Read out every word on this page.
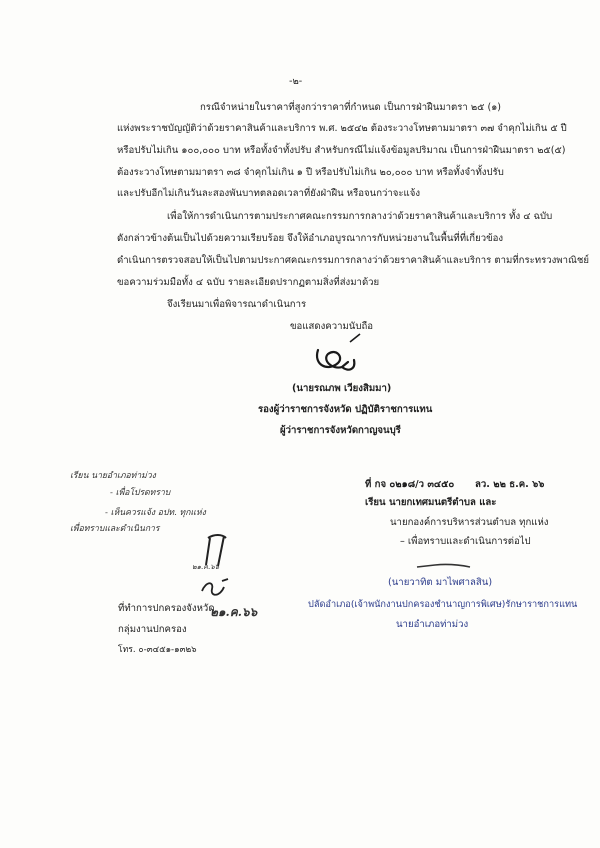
-๒-
กรณีจำหน่ายในราคาที่สูงกว่าราคาที่กำหนด เป็นการฝ่าฝืนมาตรา ๒๕ (๑)
แห่งพระราชบัญญัติว่าด้วยราคาสินค้าและบริการ พ.ศ. ๒๕๔๒ ต้องระวางโทษตามมาตรา ๓๗ จำคุกไม่เกิน ๕ ปี
หรือปรับไม่เกิน ๑๐๐,๐๐๐ บาท หรือทั้งจำทั้งปรับ สำหรับกรณีไม่แจ้งข้อมูลปริมาณ เป็นการฝ่าฝืนมาตรา ๒๕(๕)
ต้องระวางโทษตามมาตรา ๓๘ จำคุกไม่เกิน ๑ ปี หรือปรับไม่เกิน ๒๐,๐๐๐ บาท หรือทั้งจำทั้งปรับ
และปรับอีกไม่เกินวันละสองพันบาทตลอดเวลาที่ยังฝ่าฝืน หรือจนกว่าจะแจ้ง
เพื่อให้การดำเนินการตามประกาศคณะกรรมการกลางว่าด้วยราคาสินค้าและบริการ ทั้ง ๔ ฉบับ
ดังกล่าวข้างต้นเป็นไปด้วยความเรียบร้อย จึงให้อำเภอบูรณาการกับหน่วยงานในพื้นที่ที่เกี่ยวข้อง
ดำเนินการตรวจสอบให้เป็นไปตามประกาศคณะกรรมการกลางว่าด้วยราคาสินค้าและบริการ ตามที่กระทรวงพาณิชย์
ขอความร่วมมือทั้ง ๔ ฉบับ รายละเอียดปรากฏตามสิ่งที่ส่งมาด้วย
จึงเรียนมาเพื่อพิจารณาดำเนินการ
ขอแสดงความนับถือ
(นายรณภพ เวียงสิมมา)
รองผู้ว่าราชการจังหวัด ปฏิบัติราชการแทน
ผู้ว่าราชการจังหวัดกาญจนบุรี
เรียน นายอำเภอท่าม่วง
- เพื่อโปรดทราบ
- เห็นควรแจ้ง อปท. ทุกแห่ง
เพื่อทราบและดำเนินการ
๒๑.ค.๖๖
๒๑.ค.๖๖
ที่ กจ ๐๒๑๘/ว ๓๔๕๐ ลว. ๒๒ ธ.ค. ๖๖
เรียน นายกเทศมนตรีตำบล และ
นายกองค์การบริหารส่วนตำบล ทุกแห่ง
– เพื่อทราบและดำเนินการต่อไป
(นายวาทิต มาไพศาลสิน)
ปลัดอำเภอ(เจ้าพนักงานปกครองชำนาญการพิเศษ)รักษาราชการแทน
นายอำเภอท่าม่วง
ที่ทำการปกครองจังหวัด
กลุ่มงานปกครอง
โทร. ๐-๓๔๕๑-๑๓๒๖
